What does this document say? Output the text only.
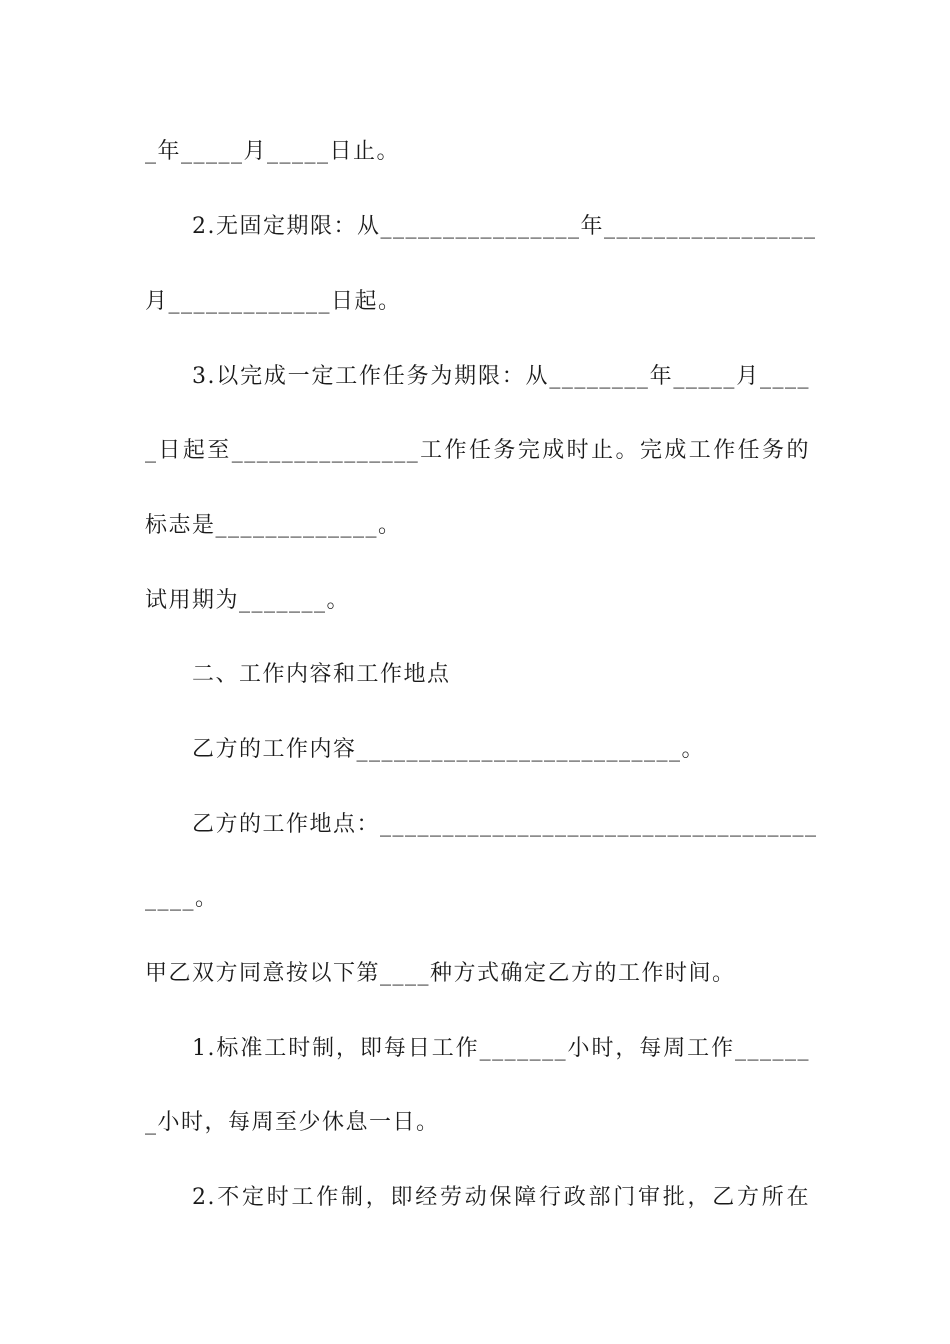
_年_____月_____日止。
2.无固定期限：从________________年_________________
月_____________日起。
3.以完成一定工作任务为期限：从________年_____月____
_日起至_______________工作任务完成时止。完成工作任务的
标志是_____________。
试用期为_______。
二、工作内容和工作地点
乙方的工作内容__________________________。
乙方的工作地点：___________________________________
____。
甲乙双方同意按以下第____种方式确定乙方的工作时间。
1.标准工时制，即每日工作_______小时，每周工作______
_小时，每周至少休息一日。
2.不定时工作制，即经劳动保障行政部门审批，乙方所在
